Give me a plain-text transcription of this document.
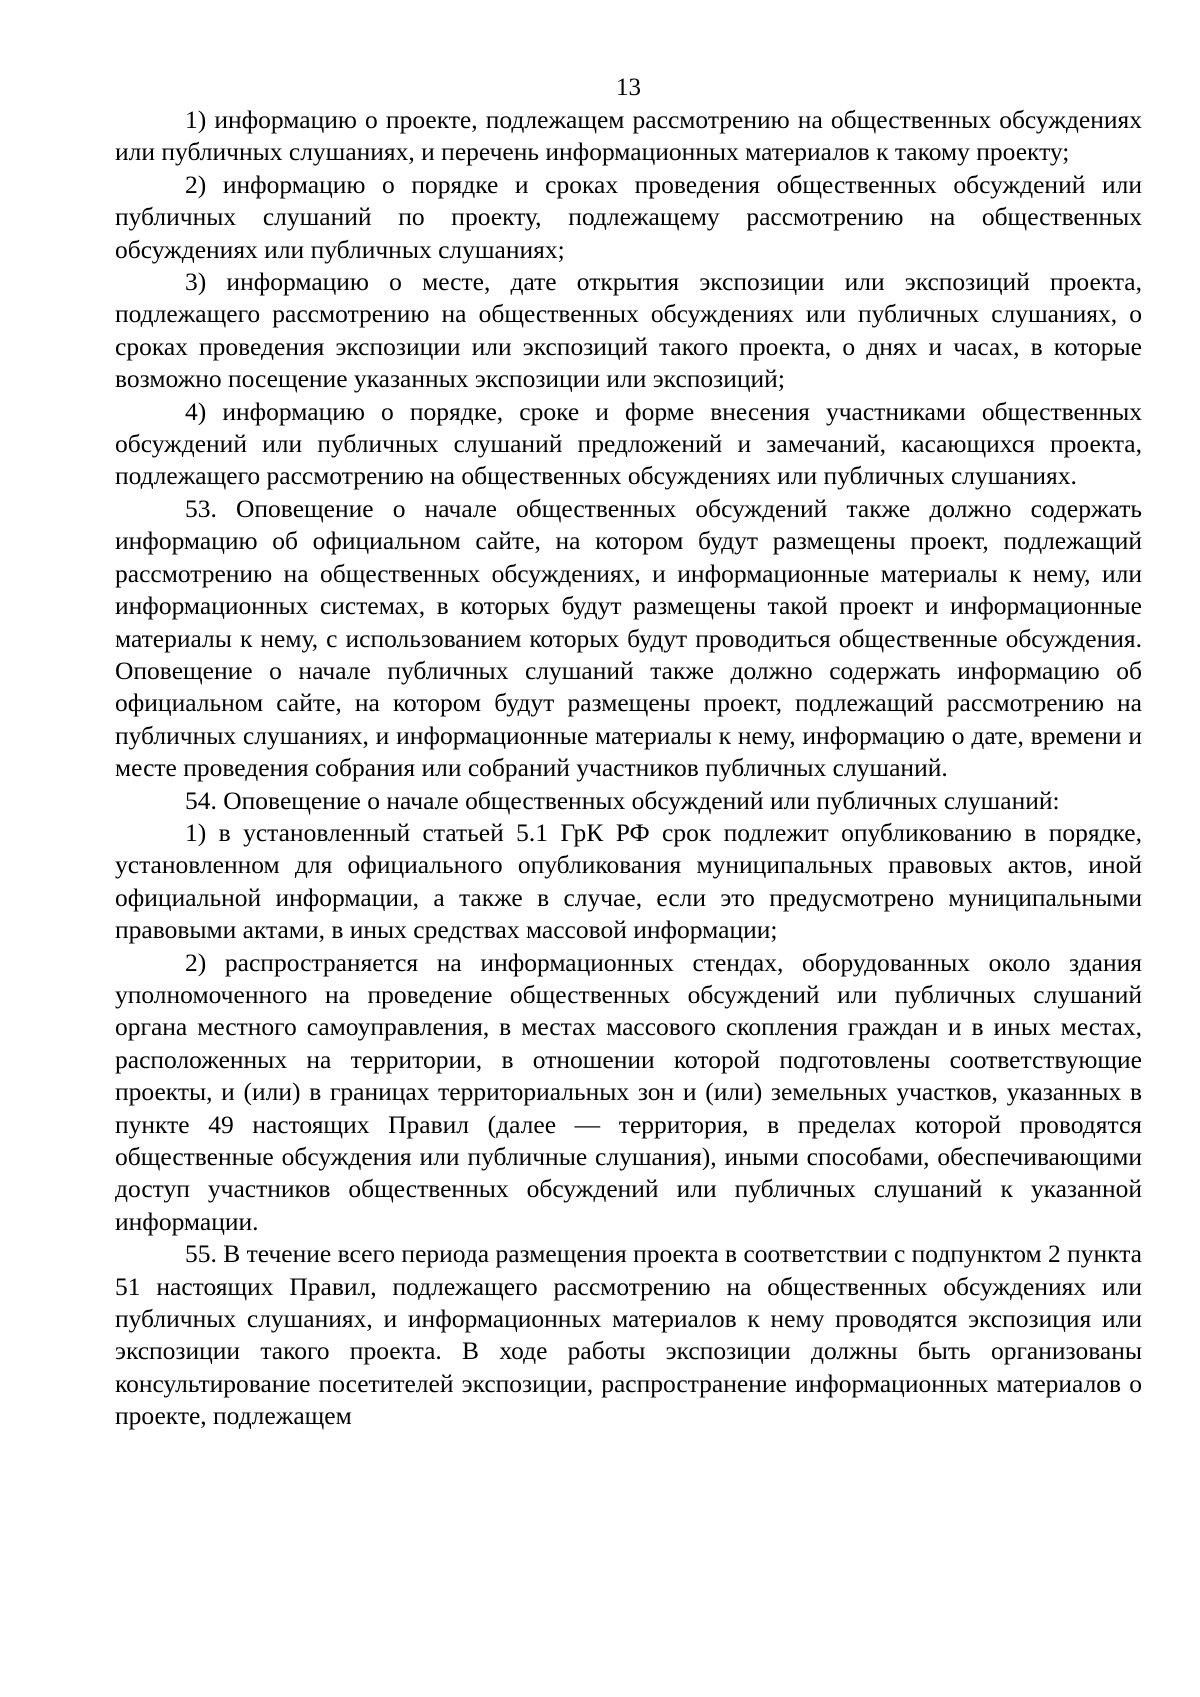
13

1) информацию о проекте, подлежащем рассмотрению на общественных обсуждениях или публичных слушаниях, и перечень информационных материалов к такому проекту;

2) информацию о порядке и сроках проведения общественных обсуждений или публичных слушаний по проекту, подлежащему рассмотрению на общественных обсуждениях или публичных слушаниях;

3) информацию о месте, дате открытия экспозиции или экспозиций проекта, подлежащего рассмотрению на общественных обсуждениях или публичных слушаниях, о сроках проведения экспозиции или экспозиций такого проекта, о днях и часах, в которые возможно посещение указанных экспозиции или экспозиций;

4) информацию о порядке, сроке и форме внесения участниками общественных обсуждений или публичных слушаний предложений и замечаний, касающихся проекта, подлежащего рассмотрению на общественных обсуждениях или публичных слушаниях.

53. Оповещение о начале общественных обсуждений также должно содержать информацию об официальном сайте, на котором будут размещены проект, подлежащий рассмотрению на общественных обсуждениях, и информационные материалы к нему, или информационных системах, в которых будут размещены такой проект и информационные материалы к нему, с использованием которых будут проводиться общественные обсуждения. Оповещение о начале публичных слушаний также должно содержать информацию об официальном сайте, на котором будут размещены проект, подлежащий рассмотрению на публичных слушаниях, и информационные материалы к нему, информацию о дате, времени и месте проведения собрания или собраний участников публичных слушаний.

54. Оповещение о начале общественных обсуждений или публичных слушаний:

1) в установленный статьей 5.1 ГрК РФ срок подлежит опубликованию в порядке, установленном для официального опубликования муниципальных правовых актов, иной официальной информации, а также в случае, если это предусмотрено муниципальными правовыми актами, в иных средствах массовой информации;

2) распространяется на информационных стендах, оборудованных около здания уполномоченного на проведение общественных обсуждений или публичных слушаний органа местного самоуправления, в местах массового скопления граждан и в иных местах, расположенных на территории, в отношении которой подготовлены соответствующие проекты, и (или) в границах территориальных зон и (или) земельных участков, указанных в пункте 49 настоящих Правил (далее — территория, в пределах которой проводятся общественные обсуждения или публичные слушания), иными способами, обеспечивающими доступ участников общественных обсуждений или публичных слушаний к указанной информации.

55. В течение всего периода размещения проекта в соответствии с подпунктом 2 пункта 51 настоящих Правил, подлежащего рассмотрению на общественных обсуждениях или публичных слушаниях, и информационных материалов к нему проводятся экспозиция или экспозиции такого проекта. В ходе работы экспозиции должны быть организованы консультирование посетителей экспозиции, распространение информационных материалов о проекте, подлежащем
